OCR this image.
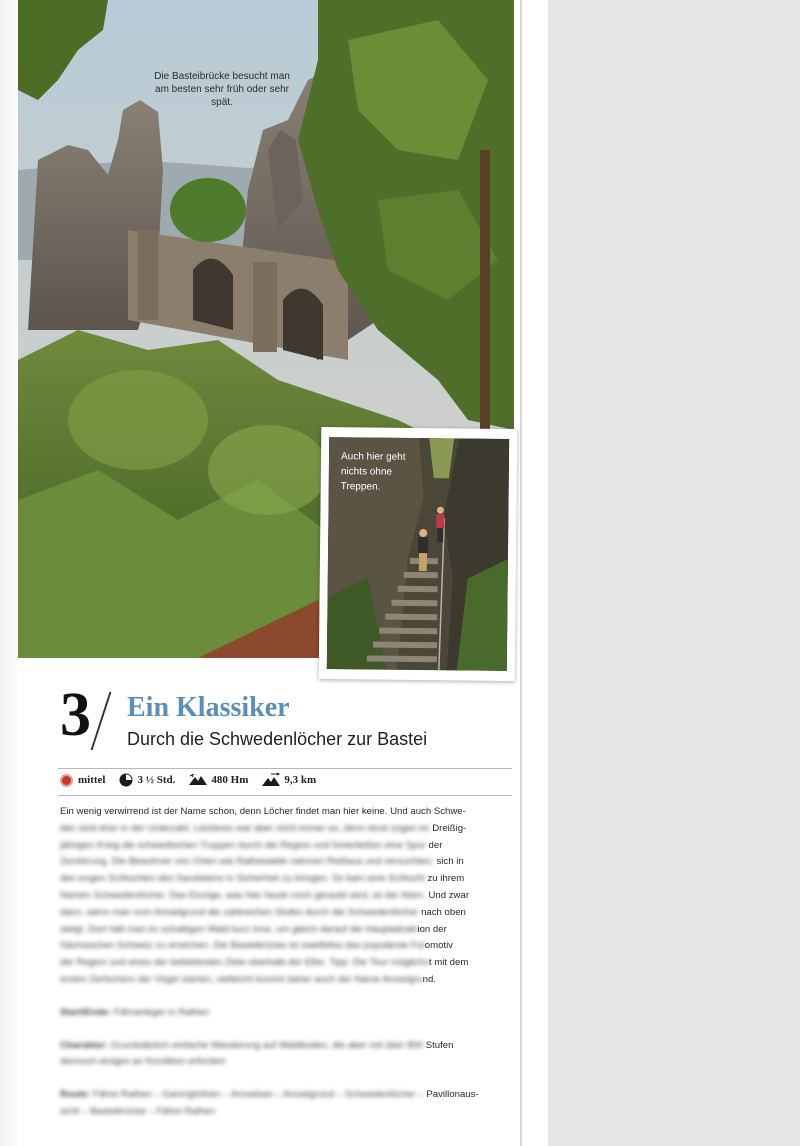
Die Basteibrücke besucht man am besten sehr früh oder sehr spät.
Auch hier geht nichts ohne Treppen.
3 Ein Klassiker
Durch die Schwedenlöcher zur Bastei
mittel	3 ½ Std.	480 Hm	9,3 km

Ein wenig verwirrend ist der Name schon, denn Löcher findet man hier keine. Und auch Schwe-
den sind eher in der Unterzahl. Letzteres war aber nicht immer so, denn einst zogen im Dreißig-
jährigen Krieg die schwedischen Truppen durch die Region und hinterließen eine Spur der
Zerstörung. Die Bewohner von Orten wie Rathewalde nahmen Reißaus und versuchten, sich in
den engen Schluchten des Sandsteins in Sicherheit zu bringen. So kam eine Schlucht zu ihrem
Namen Schwedenlöcher. Das Einzige, was hier heute noch geraubt wird, ist der Atem. Und zwar
dann, wenn man vom Amselgrund die zahlreichen Stufen durch die Schwedenlöcher nach oben
steigt. Dort hält man im schattigen Wald kurz inne, um gleich darauf die Hauptattraktion der
Sächsischen Schweiz zu erreichen. Die Basteibrücke ist zweifellos das populärste Fotomotiv
der Region und eines der beliebtesten Ziele oberhalb der Elbe. Tipp: Die Tour möglichst mit dem
ersten Zerfschern der Vögel starten, vielleicht kommt daher auch der Name Amselgrund.

Start/Ende: Fähranleger in Rathen

Charakter: Grundsätzlich einfache Wanderung auf Waldboden, die aber mit über 800 Stufen
dennoch einiges an Kondition erfordert.

Route: Fähre Rathen – Gamrighöhen – Amselsee – Amselgrund – Schwedenlöcher – Pavillonaus-
sicht – Basteibrücke – Fähre Rathen
